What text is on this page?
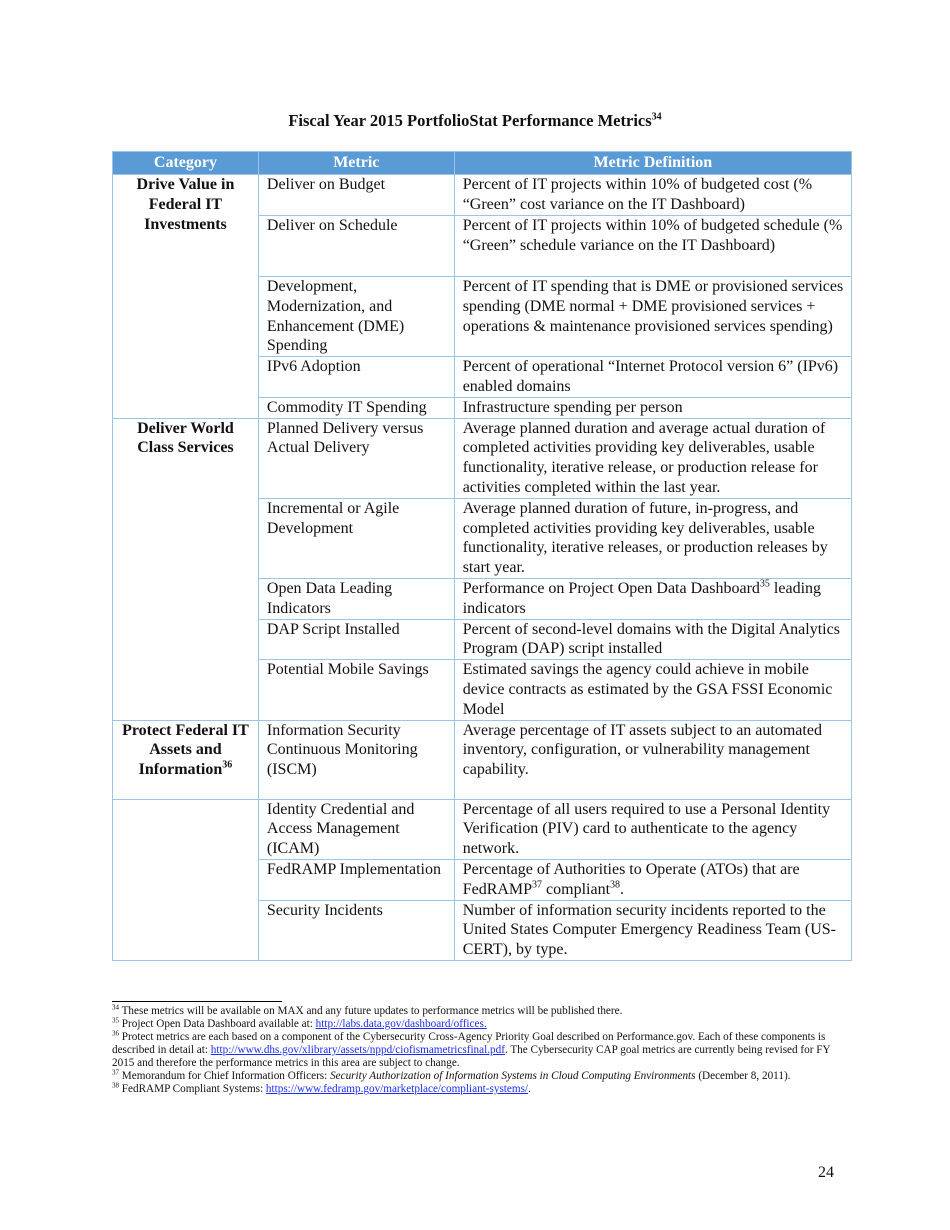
Fiscal Year 2015 PortfolioStat Performance Metrics$^{34}$
Category	Metric	Metric Definition
Drive Value in Federal IT Investments	Deliver on Budget	Percent of IT projects within 10% of budgeted cost (% “Green” cost variance on the IT Dashboard)
	Deliver on Schedule	Percent of IT projects within 10% of budgeted schedule (% “Green” schedule variance on the IT Dashboard)
	Development, Modernization, and Enhancement (DME) Spending	Percent of IT spending that is DME or provisioned services spending (DME normal + DME provisioned services + operations & maintenance provisioned services spending)
	IPv6 Adoption	Percent of operational “Internet Protocol version 6” (IPv6) enabled domains
	Commodity IT Spending	Infrastructure spending per person
Deliver World Class Services	Planned Delivery versus Actual Delivery	Average planned duration and average actual duration of completed activities providing key deliverables, usable functionality, iterative release, or production release for activities completed within the last year.
	Incremental or Agile Development	Average planned duration of future, in-progress, and completed activities providing key deliverables, usable functionality, iterative releases, or production releases by start year.
	Open Data Leading Indicators	Performance on Project Open Data Dashboard$^{35}$ leading indicators
	DAP Script Installed	Percent of second-level domains with the Digital Analytics Program (DAP) script installed
	Potential Mobile Savings	Estimated savings the agency could achieve in mobile device contracts as estimated by the GSA FSSI Economic Model
Protect Federal IT Assets and Information$^{36}$	Information Security Continuous Monitoring (ISCM)	Average percentage of IT assets subject to an automated inventory, configuration, or vulnerability management capability.
	Identity Credential and Access Management (ICAM)	Percentage of all users required to use a Personal Identity Verification (PIV) card to authenticate to the agency network.
	FedRAMP Implementation	Percentage of Authorities to Operate (ATOs) that are FedRAMP$^{37}$ compliant$^{38}$.
	Security Incidents	Number of information security incidents reported to the United States Computer Emergency Readiness Team (US-CERT), by type.
$^{34}$ These metrics will be available on MAX and any future updates to performance metrics will be published there.
$^{35}$ Project Open Data Dashboard available at: http://labs.data.gov/dashboard/offices.
$^{36}$ Protect metrics are each based on a component of the Cybersecurity Cross-Agency Priority Goal described on Performance.gov. Each of these components is described in detail at: http://www.dhs.gov/xlibrary/assets/nppd/ciofismametricsfinal.pdf. The Cybersecurity CAP goal metrics are currently being revised for FY 2015 and therefore the performance metrics in this area are subject to change.
$^{37}$ Memorandum for Chief Information Officers: Security Authorization of Information Systems in Cloud Computing Environments (December 8, 2011).
$^{38}$ FedRAMP Compliant Systems: https://www.fedramp.gov/marketplace/compliant-systems/.
24
